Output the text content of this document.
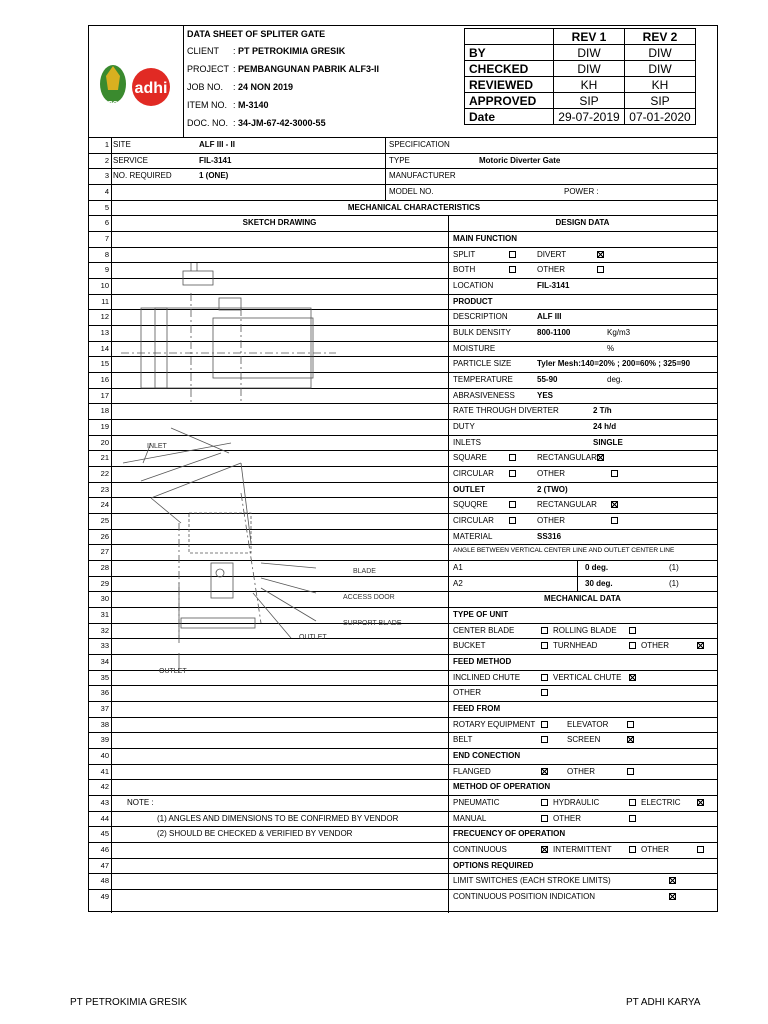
PG
adhi
DATA SHEET OF SPLITER GATE
CLIENT : PT PETROKIMIA GRESIK
PROJECT : PEMBANGUNAN PABRIK ALF3-II
JOB NO. : 24 NON 2019
ITEM NO. : M-3140
DOC. NO. : 34-JM-67-42-3000-55
	REV 1	REV 2
BY	DIW	DIW
CHECKED	DIW	DIW
REVIEWED	KH	KH
APPROVED	SIP	SIP
Date	29-07-2019	07-01-2020
1 SITE	ALF III - II	SPECIFICATION
2 SERVICE	FIL-3141	TYPE	Motoric Diverter Gate
3 NO. REQUIRED	1 (ONE)	MANUFACTURER
4	MODEL NO.	POWER :
5	MECHANICAL CHARACTERISTICS
6	SKETCH DRAWING	DESIGN DATA
7	MAIN FUNCTION
8	SPLIT	DIVERT
9	BOTH	OTHER
10	LOCATION	FIL-3141
11	PRODUCT
12	DESCRIPTION	ALF III
13	BULK DENSITY	800-1100	Kg/m3
14	MOISTURE	%
15	PARTICLE SIZE	Tyler Mesh:140=20% ; 200=60% ; 325=90
16	TEMPERATURE	55-90	deg.
17	ABRASIVENESS	YES
18	RATE THROUGH DIVERTER	2 T/h
19	DUTY	24 h/d
20	INLETS	SINGLE
21	SQUARE	RECTANGULAR
22	CIRCULAR	OTHER
23	OUTLET	2 (TWO)
24	SQUQRE	RECTANGULAR
25	CIRCULAR	OTHER
26	MATERIAL	SS316
27	ANGLE BETWEEN VERTICAL CENTER LINE AND OUTLET CENTER LINE
28	A1	0 deg.	(1)
29	A2	30 deg.	(1)
30	MECHANICAL DATA
31	TYPE OF UNIT
32	CENTER BLADE	ROLLING BLADE
33	BUCKET	TURNHEAD	OTHER
34	FEED METHOD
35	INCLINED CHUTE	VERTICAL CHUTE
36	OTHER
37	FEED FROM
38	ROTARY EQUIPMENT	ELEVATOR
39	BELT	SCREEN
40	END CONECTION
41	FLANGED	OTHER
42	METHOD OF OPERATION
43 NOTE :	PNEUMATIC	HYDRAULIC	ELECTRIC
44	(1) ANGLES AND DIMENSIONS TO BE CONFIRMED BY VENDOR	MANUAL	OTHER
45	(2) SHOULD BE CHECKED & VERIFIED BY VENDOR	FRECUENCY OF OPERATION
46	CONTINUOUS	INTERMITTENT	OTHER
47	OPTIONS REQUIRED
48	LIMIT SWITCHES (EACH STROKE LIMITS)
49	CONTINUOUS POSITION INDICATION
INLET
BLADE
ACCESS DOOR
SUPPORT BLADE
OUTLET
OUTLET
PT PETROKIMIA GRESIK	PT ADHI KARYA
